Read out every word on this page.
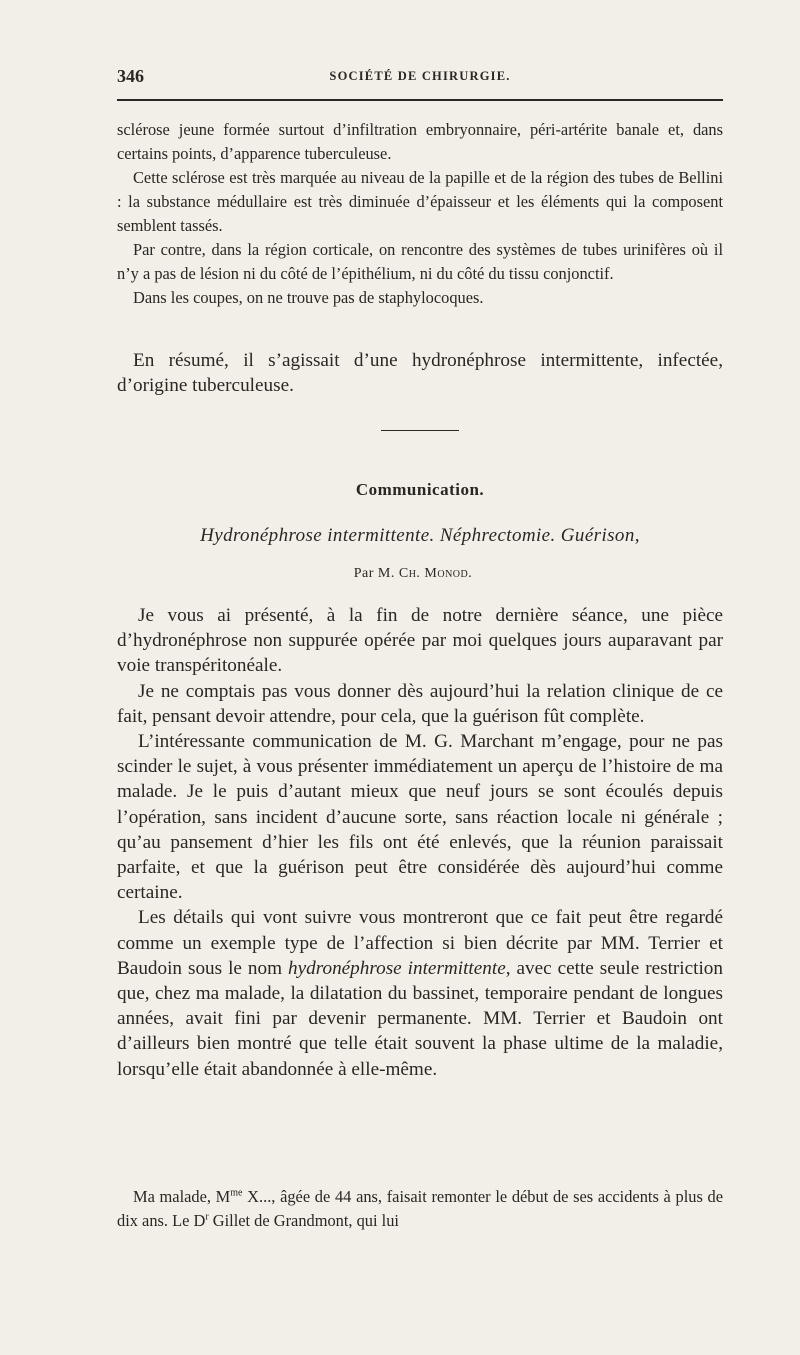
346	SOCIÉTÉ DE CHIRURGIE.

sclérose jeune formée surtout d’infiltration embryonnaire, péri-artérite banale et, dans certains points, d’apparence tuberculeuse.

Cette sclérose est très marquée au niveau de la papille et de la région des tubes de Bellini : la substance médullaire est très diminuée d’épaisseur et les éléments qui la composent semblent tassés.

Par contre, dans la région corticale, on rencontre des systèmes de tubes urinifères où il n’y a pas de lésion ni du côté de l’épithélium, ni du côté du tissu conjonctif.

Dans les coupes, on ne trouve pas de staphylocoques.

En résumé, il s’agissait d’une hydronéphrose intermittente, infectée, d’origine tuberculeuse.

Communication.
Hydronéphrose intermittente. Néphrectomie. Guérison,
Par M. Ch. Monod.

Je vous ai présenté, à la fin de notre dernière séance, une pièce d’hydronéphrose non suppurée opérée par moi quelques jours auparavant par voie transpéritonéale.

Je ne comptais pas vous donner dès aujourd’hui la relation clinique de ce fait, pensant devoir attendre, pour cela, que la guérison fût complète.

L’intéressante communication de M. G. Marchant m’engage, pour ne pas scinder le sujet, à vous présenter immédiatement un aperçu de l’histoire de ma malade. Je le puis d’autant mieux que neuf jours se sont écoulés depuis l’opération, sans incident d’aucune sorte, sans réaction locale ni générale ; qu’au pansement d’hier les fils ont été enlevés, que la réunion paraissait parfaite, et que la guérison peut être considérée dès aujourd’hui comme certaine.

Les détails qui vont suivre vous montreront que ce fait peut être regardé comme un exemple type de l’affection si bien décrite par MM. Terrier et Baudoin sous le nom hydronéphrose intermittente, avec cette seule restriction que, chez ma malade, la dilatation du bassinet, temporaire pendant de longues années, avait fini par devenir permanente. MM. Terrier et Baudoin ont d’ailleurs bien montré que telle était souvent la phase ultime de la maladie, lorsqu’elle était abandonnée à elle-même.

Ma malade, $M^{me}$ X..., âgée de 44 ans, faisait remonter le début de ses accidents à plus de dix ans. Le $D^r$ Gillet de Grandmont, qui lui
